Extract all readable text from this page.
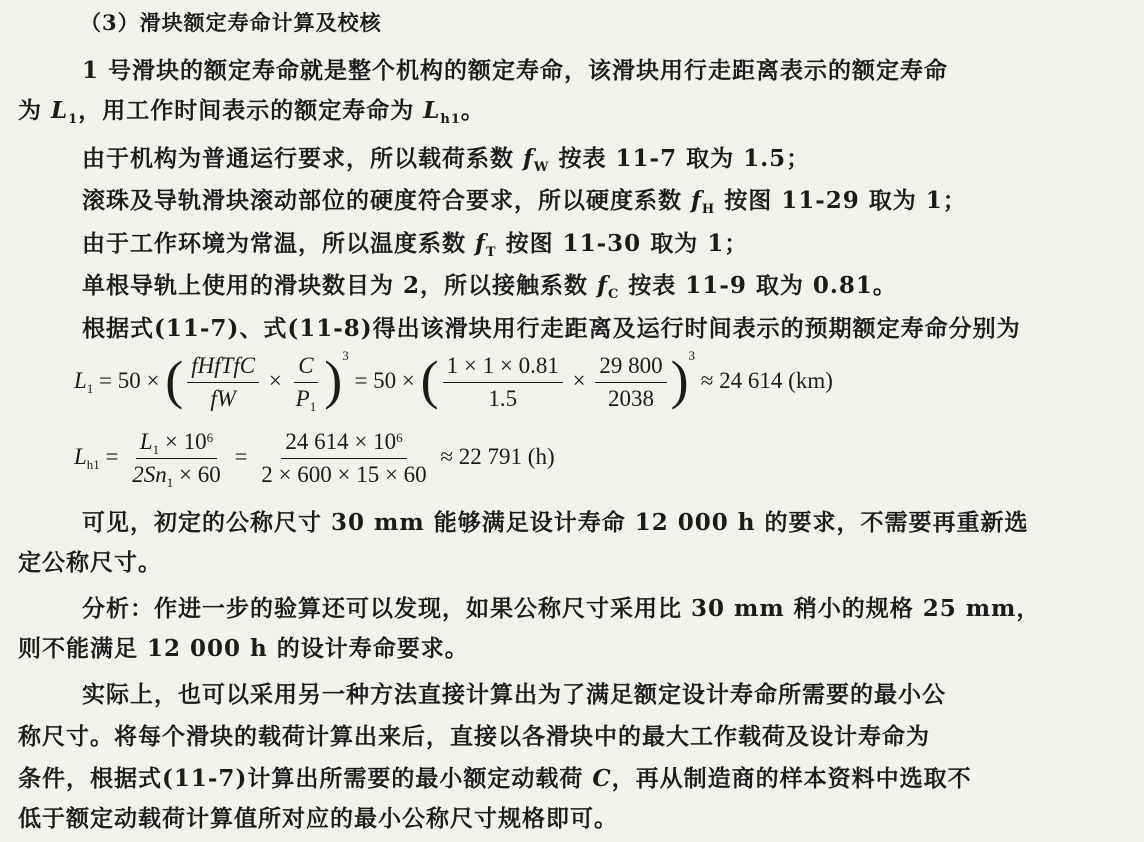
（3）滑块额定寿命计算及校核
1 号滑块的额定寿命就是整个机构的额定寿命，该滑块用行走距离表示的额定寿命
为 $L_1$，用工作时间表示的额定寿命为 $L_{h1}$。
由于机构为普通运行要求，所以载荷系数 $f_W$ 按表 11-7 取为 1.5；
滚珠及导轨滑块滚动部位的硬度符合要求，所以硬度系数 $f_H$ 按图 11-29 取为 1；
由于工作环境为常温，所以温度系数 $f_T$ 按图 11-30 取为 1；
单根导轨上使用的滑块数目为 2，所以接触系数 $f_C$ 按表 11-9 取为 0.81。
根据式(11-7)、式(11-8)得出该滑块用行走距离及运行时间表示的预期额定寿命分别为
$L_1 = 50$ × ( $\frac{\text{fHfTfC}}{fW} \times \frac{C}{P_1} )^3 = 50$ × ( $\frac{1 \times 1 \times 0.81}{1.5} \times \frac{29 800}{2038} )^3 \approx 24$ 614 (km)
$L_{h1} = \frac{L_1 \times 10^6}{2Sn_1 \times 60} = \frac{24 614 \times 10^6}{2 \times 600 \times 15 \times 60} \approx 22$ 791 (h)
可见，初定的公称尺寸 30 mm 能够满足设计寿命 12 000 h 的要求，不需要再重新选
定公称尺寸。
分析：作进一步的验算还可以发现，如果公称尺寸采用比 30 mm 稍小的规格 25 mm，
则不能满足 12 000 h 的设计寿命要求。
实际上，也可以采用另一种方法直接计算出为了满足额定设计寿命所需要的最小公
称尺寸。将每个滑块的载荷计算出来后，直接以各滑块中的最大工作载荷及设计寿命为
条件，根据式(11-7)计算出所需要的最小额定动载荷 C，再从制造商的样本资料中选取不
低于额定动载荷计算值所对应的最小公称尺寸规格即可。
